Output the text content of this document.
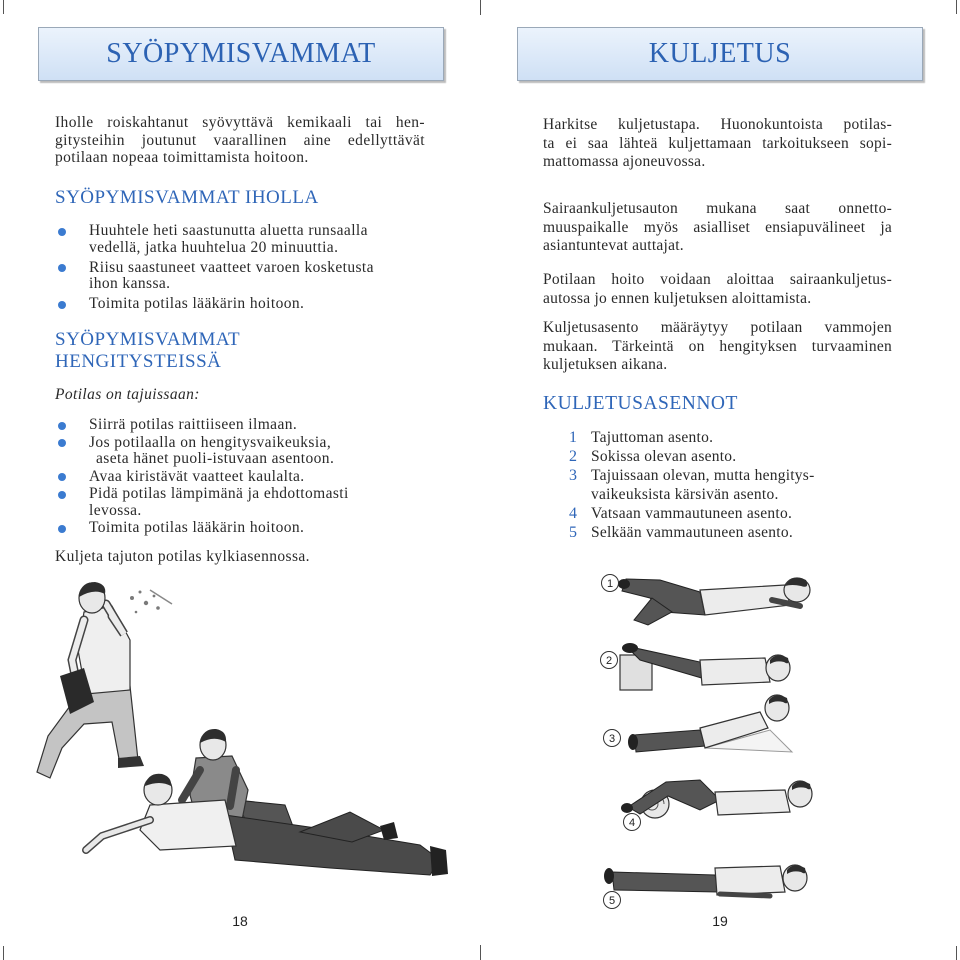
SYÖPYMISVAMMAT
Iholle roiskahtanut syövyttävä kemikaali tai hen-
gitysteihin joutunut vaarallinen aine edellyttävät
potilaan nopeaa toimittamista hoitoon.
SYÖPYMISVAMMAT IHOLLA
Huuhtele heti saastunutta aluetta runsaalla
vedellä, jatka huuhtelua 20 minuuttia.
Riisu saastuneet vaatteet varoen kosketusta
ihon kanssa.
Toimita potilas lääkärin hoitoon.
SYÖPYMISVAMMAT
HENGITYSTEISSÄ
Potilas on tajuissaan:
Siirrä potilas raittiiseen ilmaan.
Jos potilaalla on hengitysvaikeuksia,
aseta hänet puoli-istuvaan asentoon.
Avaa kiristävät vaatteet kaulalta.
Pidä potilas lämpimänä ja ehdottomasti
levossa.
Toimita potilas lääkärin hoitoon.
Kuljeta tajuton potilas kylkiasennossa.
18
KULJETUS
Harkitse kuljetustapa. Huonokuntoista potilas-
ta ei saa lähteä kuljettamaan tarkoitukseen sopi-
mattomassa ajoneuvossa.
Sairaankuljetusauton mukana saat onnetto-
muuspaikalle myös asialliset ensiapuvälineet ja
asiantuntevat auttajat.
Potilaan hoito voidaan aloittaa sairaankuljetus-
autossa jo ennen kuljetuksen aloittamista.
Kuljetusasento määräytyy potilaan vammojen
mukaan. Tärkeintä on hengityksen turvaaminen
kuljetuksen aikana.
KULJETUSASENNOT
1 Tajuttoman asento.
2 Sokissa olevan asento.
3 Tajuissaan olevan, mutta hengitys-
vaikeuksista kärsivän asento.
4 Vatsaan vammautuneen asento.
5 Selkään vammautuneen asento.
1
2
3
4
5
19
